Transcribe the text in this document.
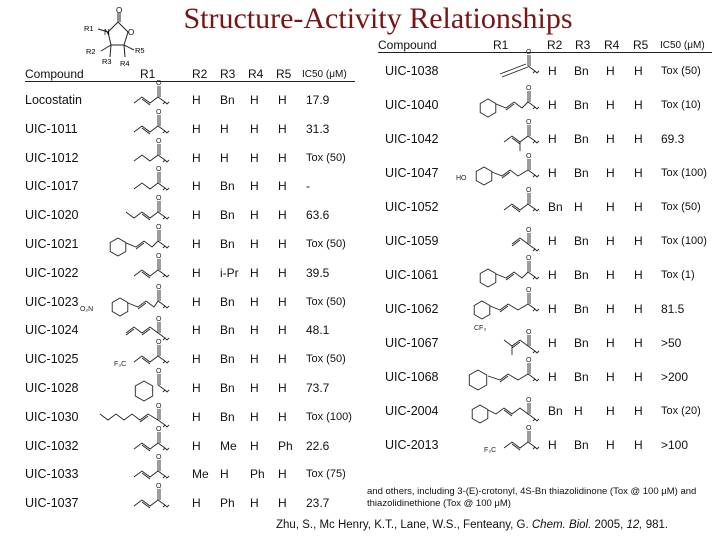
Structure-Activity Relationships
O
N O
R1
R2
R3 R4
R5
Compound	R1	R2 R3 R4 R5 IC50 (μM)
Compound	R1	R2 R3 R4 R5 IC50 (μM)
Locostatin	H Bn H H 17.9
O
UIC-1011	H H H H 31.3
O
UIC-1012	H H H H Tox (50)
O
UIC-1017	H Bn H H -
O
UIC-1020	H Bn H H 63.6
O
UIC-1021	H Bn H H Tox (50)
O
UIC-1022	H i-Pr H H 39.5
O
UIC-1023	H Bn H H Tox (50)
O₂N
O
UIC-1024	H Bn H H 48.1
O
UIC-1025	H Bn H H Tox (50)
F₃C
O
UIC-1028	H Bn H H 73.7
O
UIC-1030	H Bn H H Tox (100)
O
UIC-1032	H Me H Ph 22.6
O
UIC-1033	Me H Ph H Tox (75)
O
UIC-1037	H Ph H H 23.7
O
UIC-1038	H Bn H H Tox (50)
O
UIC-1040	H Bn H H Tox (10)
O
UIC-1042	H Bn H H 69.3
O
UIC-1047	H Bn H H Tox (100)
HO
O
UIC-1052	Bn H H H Tox (50)
O
UIC-1059	H Bn H H Tox (100)
O
UIC-1061	H Bn H H Tox (1)
O
UIC-1062	H Bn H H 81.5
CF₃
O
UIC-1067	H Bn H H >50
O
UIC-1068	H Bn H H >200
O
UIC-2004	Bn H H H Tox (20)
O
UIC-2013	H Bn H H >100
F₃C
O
and others, including 3-(E)-crotonyl, 4S-Bn thiazolidinone (Tox @ 100 μM) and thiazolidinethione (Tox @ 100 μM)
Zhu, S., Mc Henry, K.T., Lane, W.S., Fenteany, G. Chem. Biol. 2005, 12, 981.
